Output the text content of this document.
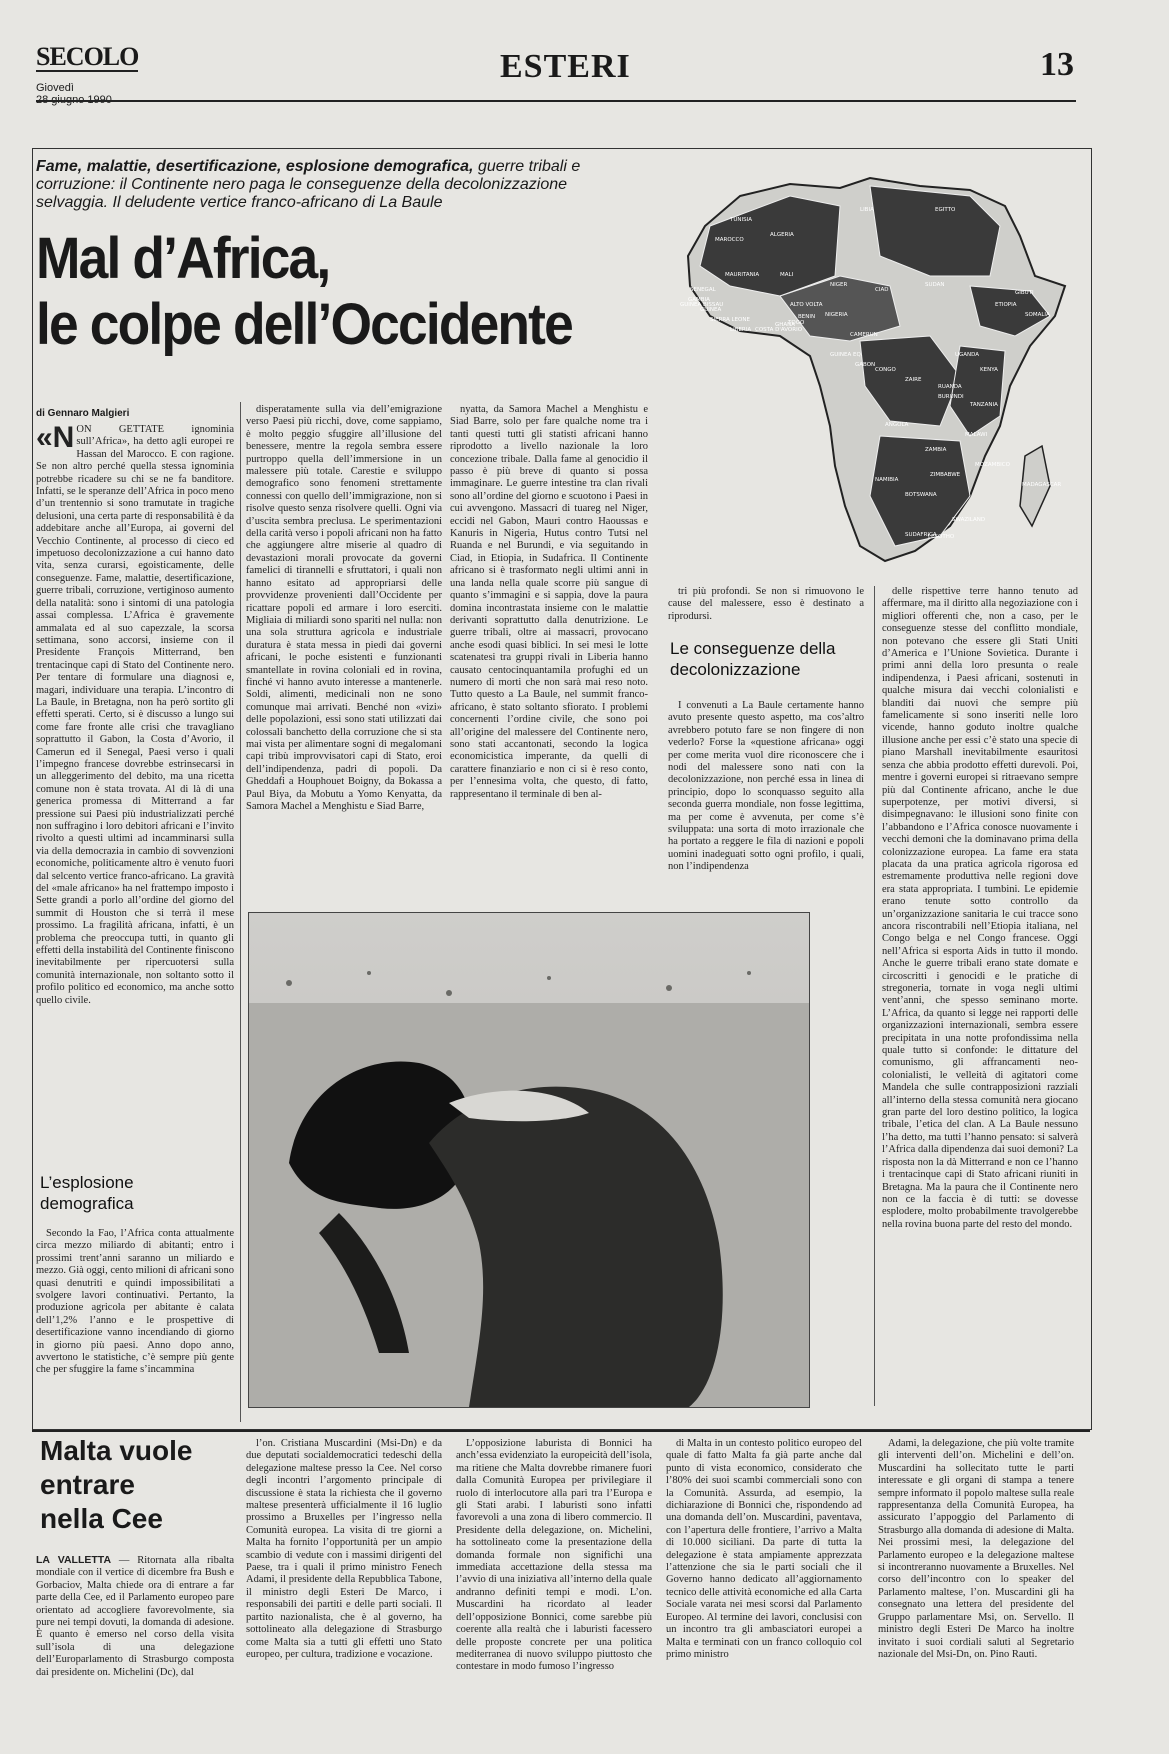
SECOLO
Giovedì
ESTERI	13
Fame, malattie, desertificazione, esplosione demografica, guerre tribali e corruzione: il Continente nero paga le conseguenze della decolonizzazione selvaggia. Il deludente vertice franco-africano di La Baule
Mal d’Africa,
le colpe dell’Occidente
TUNISIA
MAROCCO
ALGERIA
LIBIA	EGITTO
MAURITANIA	MALI
NIGER
CIAD
SUDAN
SENEGAL
GAMBIA
GUINEA
SIERRA LEONE
LIBERIA COSTA D'AVORIO
GHANA
TOGO
BENIN NIGERIA
CAMERUN
GABON
CONGO
ZAIRE
UGANDA
KENYA
ETIOPIA
SOMALIA
GIBUTI
TANZANIA
RUANDA
BURUNDI
ANGOLA
ZAMBIA
MALAWI
MOZAMBICO
ZIMBABWE
NAMIBIA
BOTSWANA
SUDAFRICA
LESOTHO
SWAZILAND
MADAGASCAR
ALTO VOLTA
GUINEA BISSAU
GUINEA EQ.
di Gennaro Malgieri
«N ON GETTATE ignominia sull’Africa», ha detto agli europei re Hassan del Marocco. E con ragione. Se non altro perché quella stessa ignominia potrebbe ricadere su chi se ne fa banditore. Infatti, se le speranze dell’Africa in poco meno d’un trentennio si sono tramutate in tragiche delusioni, una certa parte di responsabilità è da addebitare anche all’Europa, ai governi del Vecchio Continente, al processo di cieco ed impetuoso decolonizzazione a cui hanno dato vita, senza curarsi, egoisticamente, delle conseguenze. Fame, malattie, desertificazione, guerre tribali, corruzione, vertiginoso aumento della natalità: sono i sintomi di una patologia assai complessa. L’Africa è gravemente ammalata ed al suo capezzale, la scorsa settimana, sono accorsi, insieme con il Presidente François Mitterrand, ben trentacinque capi di Stato del Continente nero. Per tentare di formulare una diagnosi e, magari, individuare una terapia. L’incontro di La Baule, in Bretagna, non ha però sortito gli effetti sperati. Certo, si è discusso a lungo sui come fare fronte alle crisi che travagliano soprattutto il Gabon, la Costa d’Avorio, il Camerun ed il Senegal, Paesi verso i quali l’impegno francese dovrebbe estrinsecarsi in un alleggerimento del debito, ma una ricetta comune non è stata trovata. Al di là di una generica promessa di Mitterrand a far pressione sui Paesi più industrializzati perché non suffragino i loro debitori africani e l’invito rivolto a questi ultimi ad incamminarsi sulla via della democrazia in cambio di sovvenzioni economiche, politicamente altro è venuto fuori dal selcento vertice franco-africano. La gravità del «male africano» ha nel frattempo imposto i Sette grandi a porlo all’ordine del giorno del summit di Houston che si terrà il mese prossimo. La fragilità africana, infatti, è un problema che preoccupa tutti, in quanto gli effetti della instabilità del Continente finiscono inevitabilmente per ripercuotersi sulla comunità internazionale, non soltanto sotto il profilo politico ed economico, ma anche sotto quello civile.
L’esplosione demografica

Secondo la Fao, l’Africa conta attualmente circa mezzo miliardo di abitanti; entro i prossimi trent’anni saranno un miliardo e mezzo. Già oggi, cento milioni di africani sono quasi denutriti e quindi impossibilitati a svolgere lavori continuativi. Pertanto, la produzione agricola per abitante è calata dell’1,2% l’anno e le prospettive di desertificazione vanno incendiando di giorno in giorno più paesi. Anno dopo anno, avvertono le statistiche, c’è sempre più gente che per sfuggire la fame s’incammina

disperatamente sulla via dell’emigrazione verso Paesi più ricchi, dove, come sappiamo, è molto peggio sfuggire all’illusione del benessere, mentre la regola sembra essere purtroppo quella dell’immersione in un malessere più totale. Carestie e sviluppo demografico sono fenomeni strettamente connessi con quello dell’immigrazione, non si risolve questo senza risolvere quelli. Ogni via d’uscita sembra preclusa. Le sperimentazioni della carità verso i popoli africani non ha fatto che aggiungere altre miserie al quadro di devastazioni morali provocate da governi famelici di tirannelli e sfruttatori, i quali non hanno esitato ad appropriarsi delle provvidenze provenienti dall’Occidente per ricattare popoli ed armare i loro eserciti. Migliaia di miliardi sono spariti nel nulla: non una sola struttura agricola e industriale duratura è stata messa in piedi dai governi africani, le poche esistenti e funzionanti smantellate in rovina coloniali ed in rovina, finché vi hanno avuto interesse a mantenerle. Soldi, alimenti, medicinali non ne sono comunque mai arrivati. Benché non «vizi» delle popolazioni, essi sono stati utilizzati dai colossali banchetto della corruzione che si sta mai vista per alimentare sogni di megalomani capi tribù improvvisatori capi di Stato, eroi dell’indipendenza, padri di popoli. Da Gheddafi a Houphouet Boigny, da Bokassa a Paul Biya, da Mobutu a Yomo Kenyatta, da Samora Machel a Menghistu e Siad Barre,

nyatta, da Samora Machel a Menghistu e Siad Barre, solo per fare qualche nome tra i tanti questi tutti gli statisti africani hanno riprodotto a livello nazionale la loro concezione tribale. Dalla fame al genocidio il passo è più breve di quanto si possa immaginare. Le guerre intestine tra clan rivali sono all’ordine del giorno e scuotono i Paesi in cui avvengono. Massacri di tuareg nel Niger, eccidi nel Gabon, Mauri contro Haoussas e Kanuris in Nigeria, Hutus contro Tutsi nel Ruanda e nel Burundi, e via seguitando in Ciad, in Etiopia, in Sudafrica. Il Continente africano si è trasformato negli ultimi anni in una landa nella quale scorre più sangue di quanto s’immagini e si sappia, dove la paura domina incontrastata insieme con le malattie derivanti soprattutto dalla denutrizione. Le guerre tribali, oltre ai massacri, provocano anche esodi quasi biblici. In sei mesi le lotte scatenatesi tra gruppi rivali in Liberia hanno causato centocinquantamila profughi ed un numero di morti che non sarà mai reso noto. Tutto questo a La Baule, nel summit franco-africano, è stato soltanto sfiorato. I problemi concernenti l’ordine civile, che sono poi all’origine del malessere del Continente nero, sono stati accantonati, secondo la logica economicistica imperante, da quelli di carattere finanziario e non ci si è reso conto, per l’ennesima volta, che questo, di fatto, rappresentano il terminale di ben al-

tri più profondi. Se non si rimuovono le cause del malessere, esso è destinato a riprodursi.

Le conseguenze della decolonizzazione

I convenuti a La Baule certamente hanno avuto presente questo aspetto, ma cos’altro avrebbero potuto fare se non fingere di non vederlo? Forse la «questione africana» oggi per come merita vuol dire riconoscere che i nodi del malessere sono nati con la decolonizzazione, non perché essa in linea di principio, dopo lo sconquasso seguito alla seconda guerra mondiale, non fosse legittima, ma per come è avvenuta, per come s’è sviluppata: una sorta di moto irrazionale che ha portato a reggere le fila di nazioni e popoli uomini inadeguati sotto ogni profilo, i quali, non l’indipendenza

delle rispettive terre hanno tenuto ad affermare, ma il diritto alla negoziazione con i migliori offerenti che, non a caso, per le conseguenze stesse del conflitto mondiale, non potevano che essere gli Stati Uniti d’America e l’Unione Sovietica. Durante i primi anni della loro presunta o reale indipendenza, i Paesi africani, sostenuti in qualche misura dai vecchi colonialisti e blanditi dai nuovi che sempre più famelicamente si sono inseriti nelle loro vicende, hanno goduto inoltre qualche illusione anche per essi c’è stato una specie di piano Marshall inevitabilmente esauritosi senza che abbia prodotto effetti durevoli. Poi, mentre i governi europei si ritraevano sempre più dal Continente africano, anche le due superpotenze, per motivi diversi, si disimpegnavano: le illusioni sono finite con l’abbandono e l’Africa conosce nuovamente i vecchi demoni che la dominavano prima della colonizzazione europea. La fame era stata placata da una pratica agricola rigorosa ed estremamente produttiva nelle regioni dove era stata appropriata. I tumbini. Le epidemie erano tenute sotto controllo da un’organizzazione sanitaria le cui tracce sono ancora riscontrabili nell’Etiopia italiana, nel Congo belga e nel Congo francese. Oggi nell’Africa si esporta Aids in tutto il mondo. Anche le guerre tribali erano state domate e circoscritti i genocidi e le pratiche di stregoneria, tornate in voga negli ultimi vent’anni, che spesso seminano morte. L’Africa, da quanto si legge nei rapporti delle organizzazioni internazionali, sembra essere precipitata in una notte profondissima nella quale tutto si confonde: le dittature del comunismo, gli affrancamenti neo-colonialisti, le velleità di agitatori come Mandela che sulle contrapposizioni razziali all’interno della stessa comunità nera giocano gran parte del loro destino politico, la logica tribale, l’etica del clan. A La Baule nessuno l’ha detto, ma tutti l’hanno pensato: si salverà l’Africa dalla dipendenza dai suoi demoni? La risposta non la dà Mitterrand e non ce l’hanno i trentacinque capi di Stato africani riuniti in Bretagna. Ma la paura che il Continente nero non ce la faccia è di tutti: se dovesse esplodere, molto probabilmente travolgerebbe nella rovina buona parte del resto del mondo.

Malta vuole
entrare
nella Cee
LA VALLETTA — Ritornata alla ribalta mondiale con il vertice di dicembre fra Bush e Gorbaciov, Malta chiede ora di entrare a far parte della Cee, ed il Parlamento europeo pare orientato ad accogliere favorevolmente, sia pure nei tempi dovuti, la domanda di adesione. È quanto è emerso nel corso della visita sull’isola di una delegazione dell’Europarlamento di Strasburgo composta dai presidente on. Michelini (Dc), dal

l’on. Cristiana Muscardini (Msi-Dn) e da due deputati socialdemocratici tedeschi della delegazione maltese presso la Cee. Nel corso degli incontri l’argomento principale di discussione è stata la richiesta che il governo maltese presenterà ufficialmente il 16 luglio prossimo a Bruxelles per l’ingresso nella Comunità europea. La visita di tre giorni a Malta ha fornito l’opportunità per un ampio scambio di vedute con i massimi dirigenti del Paese, tra i quali il primo ministro Fenech Adami, il presidente della Repubblica Tabone, il ministro degli Esteri De Marco, i responsabili dei partiti e delle parti sociali. Il partito nazionalista, che è al governo, ha sottolineato alla delegazione di Strasburgo come Malta sia a tutti gli effetti uno Stato europeo, per cultura, tradizione e vocazione.

L’opposizione laburista di Bonnici ha anch’essa evidenziato la europeicità dell’isola, ma ritiene che Malta dovrebbe rimanere fuori dalla Comunità Europea per privilegiare il ruolo di interlocutore alla pari tra l’Europa e gli Stati arabi. I laburisti sono infatti favorevoli a una zona di libero commercio. Il Presidente della delegazione, on. Michelini, ha sottolineato come la presentazione della domanda formale non significhi una immediata accettazione della stessa ma l’avvio di una iniziativa all’interno della quale andranno definiti tempi e modi. L’on. Muscardini ha ricordato al leader dell’opposizione Bonnici, come sarebbe più coerente alla realtà che i laburisti facessero delle proposte concrete per una politica mediterranea di nuovo sviluppo piuttosto che contestare in modo fumoso l’ingresso

di Malta in un contesto politico europeo del quale di fatto Malta fa già parte anche dal punto di vista economico, considerato che l’80% dei suoi scambi commerciali sono con la Comunità. Assurda, ad esempio, la dichiarazione di Bonnici che, rispondendo ad una domanda dell’on. Muscardini, paventava, con l’apertura delle frontiere, l’arrivo a Malta di 10.000 siciliani. Da parte di tutta la delegazione è stata ampiamente apprezzata l’attenzione che sia le parti sociali che il Governo hanno dedicato all’aggiornamento tecnico delle attività economiche ed alla Carta Sociale varata nei mesi scorsi dal Parlamento Europeo. Al termine dei lavori, conclusisi con un incontro tra gli ambasciatori europei a Malta e terminati con un franco colloquio col primo ministro

Adami, la delegazione, che più volte tramite gli interventi dell’on. Michelini e dell’on. Muscardini ha sollecitato tutte le parti interessate e gli organi di stampa a tenere sempre informato il popolo maltese sulla reale rappresentanza della Comunità Europea, ha assicurato l’appoggio del Parlamento di Strasburgo alla domanda di adesione di Malta. Nei prossimi mesi, la delegazione del Parlamento europeo e la delegazione maltese si incontreranno nuovamente a Bruxelles. Nel corso dell’incontro con lo speaker del Parlamento maltese, l’on. Muscardini gli ha consegnato una lettera del presidente del Gruppo parlamentare Msi, on. Servello. Il ministro degli Esteri De Marco ha inoltre invitato i suoi cordiali saluti al Segretario nazionale del Msi-Dn, on. Pino Rauti.
